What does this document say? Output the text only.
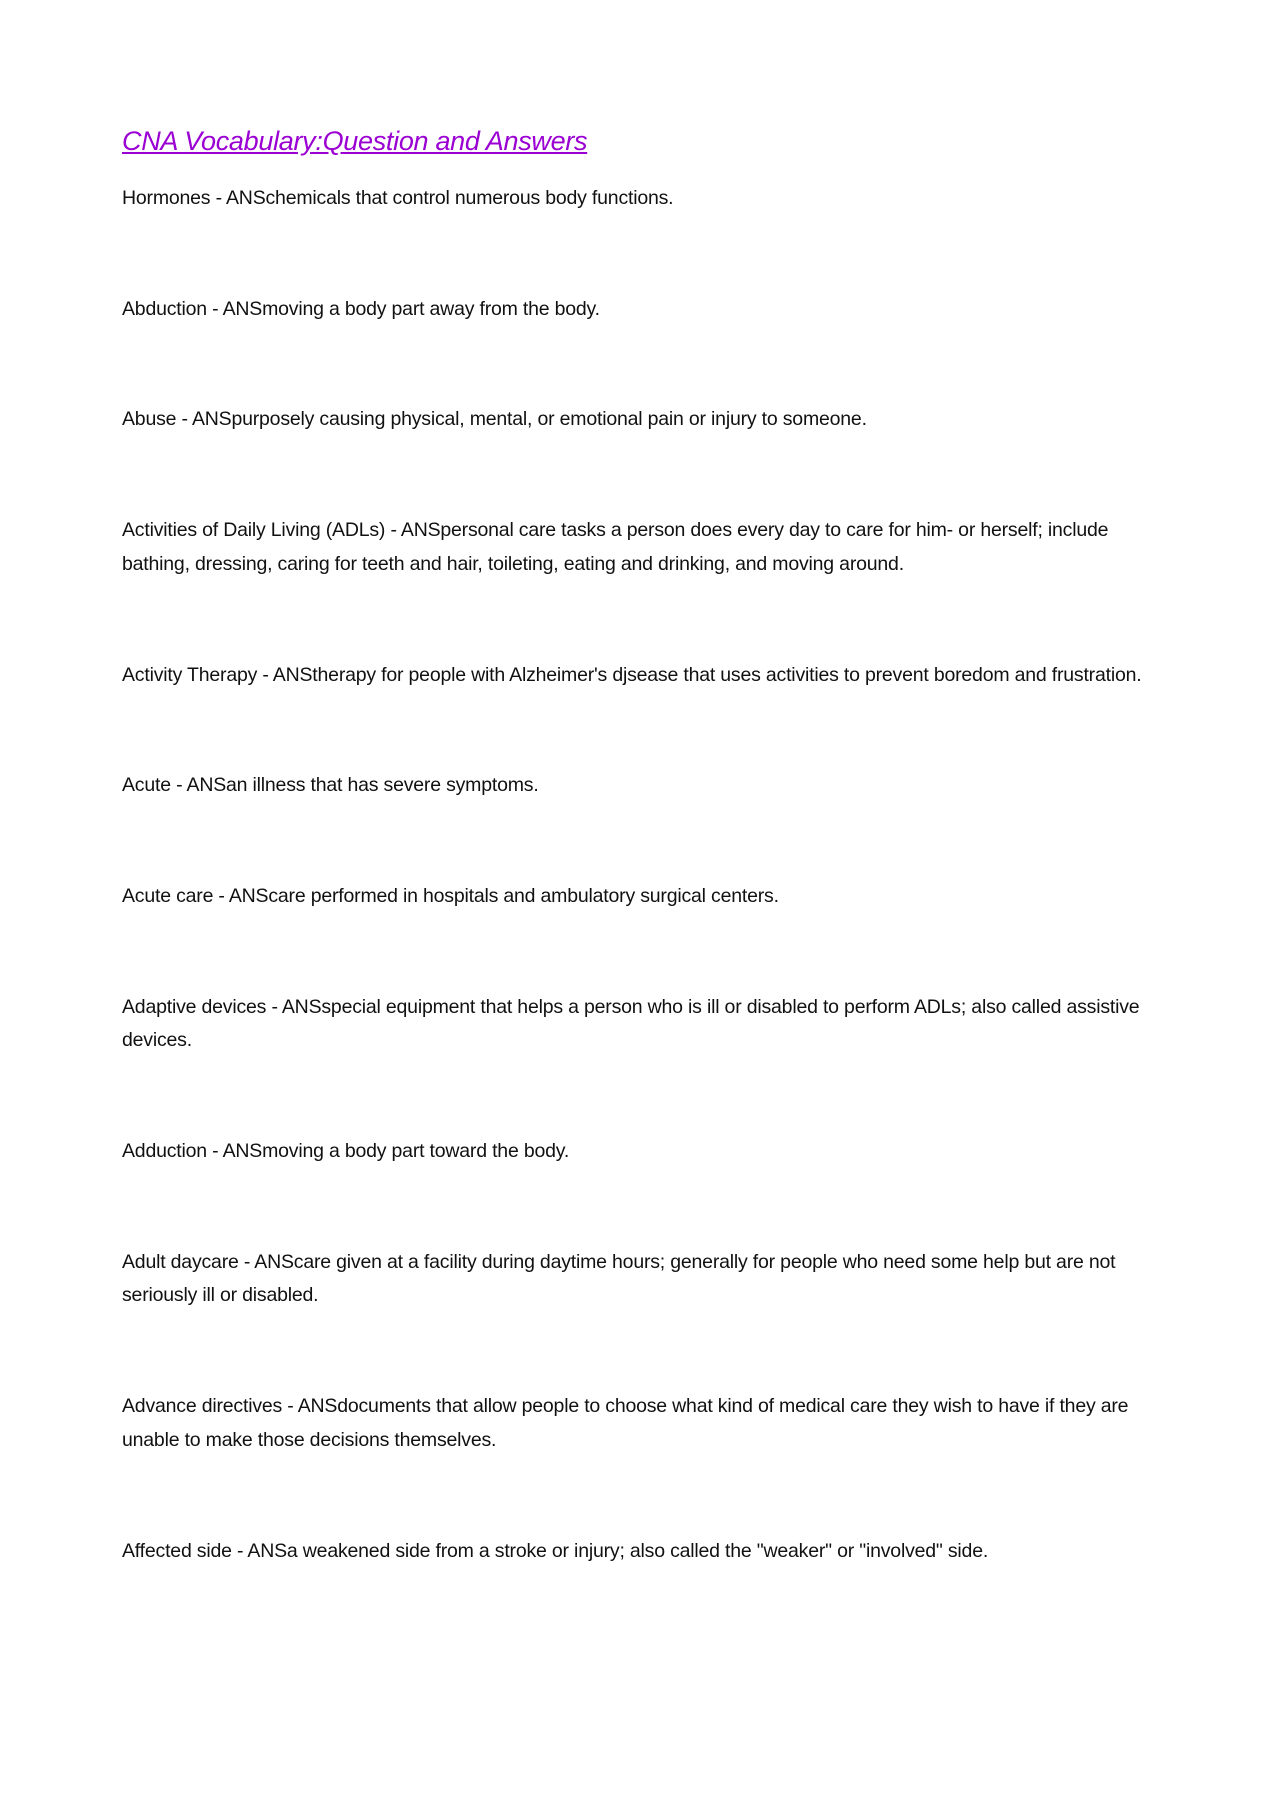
CNA Vocabulary:Question and Answers

Hormones - ANSchemicals that control numerous body functions.

Abduction - ANSmoving a body part away from the body.

Abuse - ANSpurposely causing physical, mental, or emotional pain or injury to someone.

Activities of Daily Living (ADLs) - ANSpersonal care tasks a person does every day to care for him- or herself; include bathing, dressing, caring for teeth and hair, toileting, eating and drinking, and moving around.

Activity Therapy - ANStherapy for people with Alzheimer's djsease that uses activities to prevent boredom and frustration.

Acute - ANSan illness that has severe symptoms.

Acute care - ANScare performed in hospitals and ambulatory surgical centers.

Adaptive devices - ANSspecial equipment that helps a person who is ill or disabled to perform ADLs; also called assistive devices.

Adduction - ANSmoving a body part toward the body.

Adult daycare - ANScare given at a facility during daytime hours; generally for people who need some help but are not seriously ill or disabled.

Advance directives - ANSdocuments that allow people to choose what kind of medical care they wish to have if they are unable to make those decisions themselves.

Affected side - ANSa weakened side from a stroke or injury; also called the "weaker" or "involved" side.
